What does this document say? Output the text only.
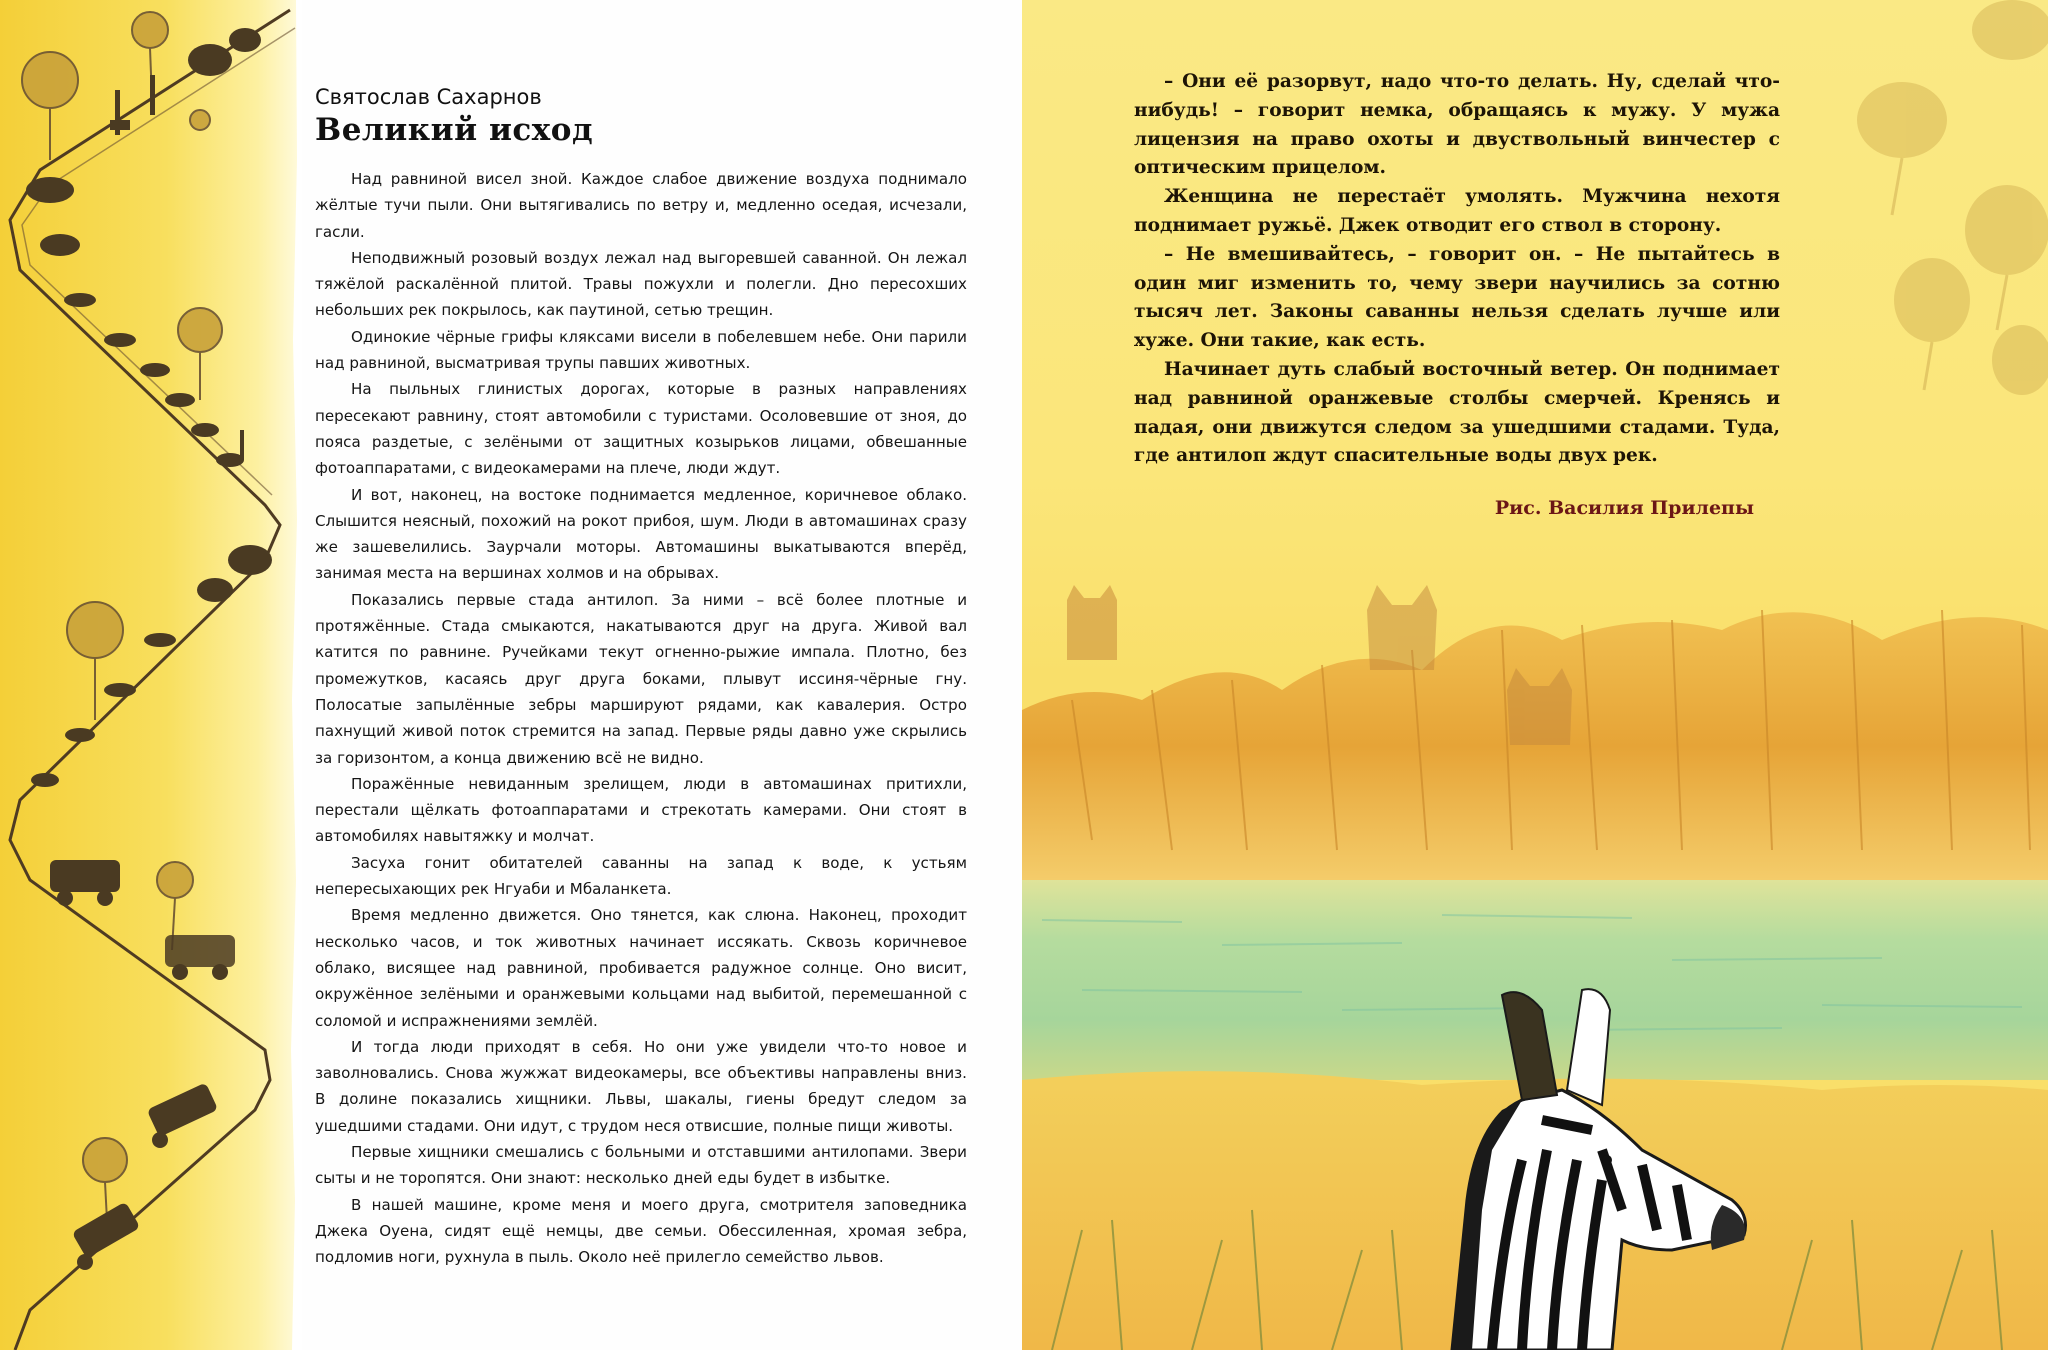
Святослав Сахарнов
Великий исход

Над равниной висел зной. Каждое слабое движение воздуха поднимало жёлтые тучи пыли. Они вытягивались по ветру и, медленно оседая, исчезали, гасли.

Неподвижный розовый воздух лежал над выгоревшей саванной. Он лежал тяжёлой раскалённой плитой. Травы пожухли и полегли. Дно пересохших небольших рек покрылось, как паутиной, сетью трещин.

Одинокие чёрные грифы кляксами висели в побелевшем небе. Они парили над равниной, высматривая трупы павших животных.

На пыльных глинистых дорогах, которые в разных направлениях пересекают равнину, стоят автомобили с туристами. Осоловевшие от зноя, до пояса раздетые, с зелёными от защитных козырьков лицами, обвешанные фотоаппаратами, с видеокамерами на плече, люди ждут.

И вот, наконец, на востоке поднимается медленное, коричневое облако. Слышится неясный, похожий на рокот прибоя, шум. Люди в автомашинах сразу же зашевелились. Заурчали моторы. Автомашины выкатываются вперёд, занимая места на вершинах холмов и на обрывах.

Показались первые стада антилоп. За ними – всё более плотные и протяжённые. Стада смыкаются, накатываются друг на друга. Живой вал катится по равнине. Ручейками текут огненно-рыжие импала. Плотно, без промежутков, касаясь друг друга боками, плывут иссиня-чёрные гну. Полосатые запылённые зебры маршируют рядами, как кавалерия. Остро пахнущий живой поток стремится на запад. Первые ряды давно уже скрылись за горизонтом, а конца движению всё не видно.

Поражённые невиданным зрелищем, люди в автомашинах притихли, перестали щёлкать фотоаппаратами и стрекотать камерами. Они стоят в автомобилях навытяжку и молчат.

Засуха гонит обитателей саванны на запад к воде, к устьям непересыхающих рек Нгуаби и Мбаланкета.

Время медленно движется. Оно тянется, как слюна. Наконец, проходит несколько часов, и ток животных начинает иссякать. Сквозь коричневое облако, висящее над равниной, пробивается радужное солнце. Оно висит, окружённое зелёными и оранжевыми кольцами над выбитой, перемешанной с соломой и испражнениями землёй.

И тогда люди приходят в себя. Но они уже увидели что-то новое и заволновались. Снова жужжат видеокамеры, все объективы направлены вниз. В долине показались хищники. Львы, шакалы, гиены бредут следом за ушедшими стадами. Они идут, с трудом неся отвисшие, полные пищи животы.

Первые хищники смешались с больными и отставшими антилопами. Звери сыты и не торопятся. Они знают: несколько дней еды будет в избытке.

В нашей машине, кроме меня и моего друга, смотрителя заповедника Джека Оуена, сидят ещё немцы, две семьи. Обессиленная, хромая зебра, подломив ноги, рухнула в пыль. Около неё прилегло семейство львов.

– Они её разорвут, надо что-то делать. Ну, сделай что-нибудь! – говорит немка, обращаясь к мужу. У мужа лицензия на право охоты и двуствольный винчестер с оптическим прицелом.

Женщина не перестаёт умолять. Мужчина нехотя поднимает ружьё. Джек отводит его ствол в сторону.

– Не вмешивайтесь, – говорит он. – Не пытайтесь в один миг изменить то, чему звери научились за сотню тысяч лет. Законы саванны нельзя сделать лучше или хуже. Они такие, как есть.

Начинает дуть слабый восточный ветер. Он поднимает над равниной оранжевые столбы смерчей. Кренясь и падая, они движутся следом за ушедшими стадами. Туда, где антилоп ждут спасительные воды двух рек.

Рис. Василия Прилепы
